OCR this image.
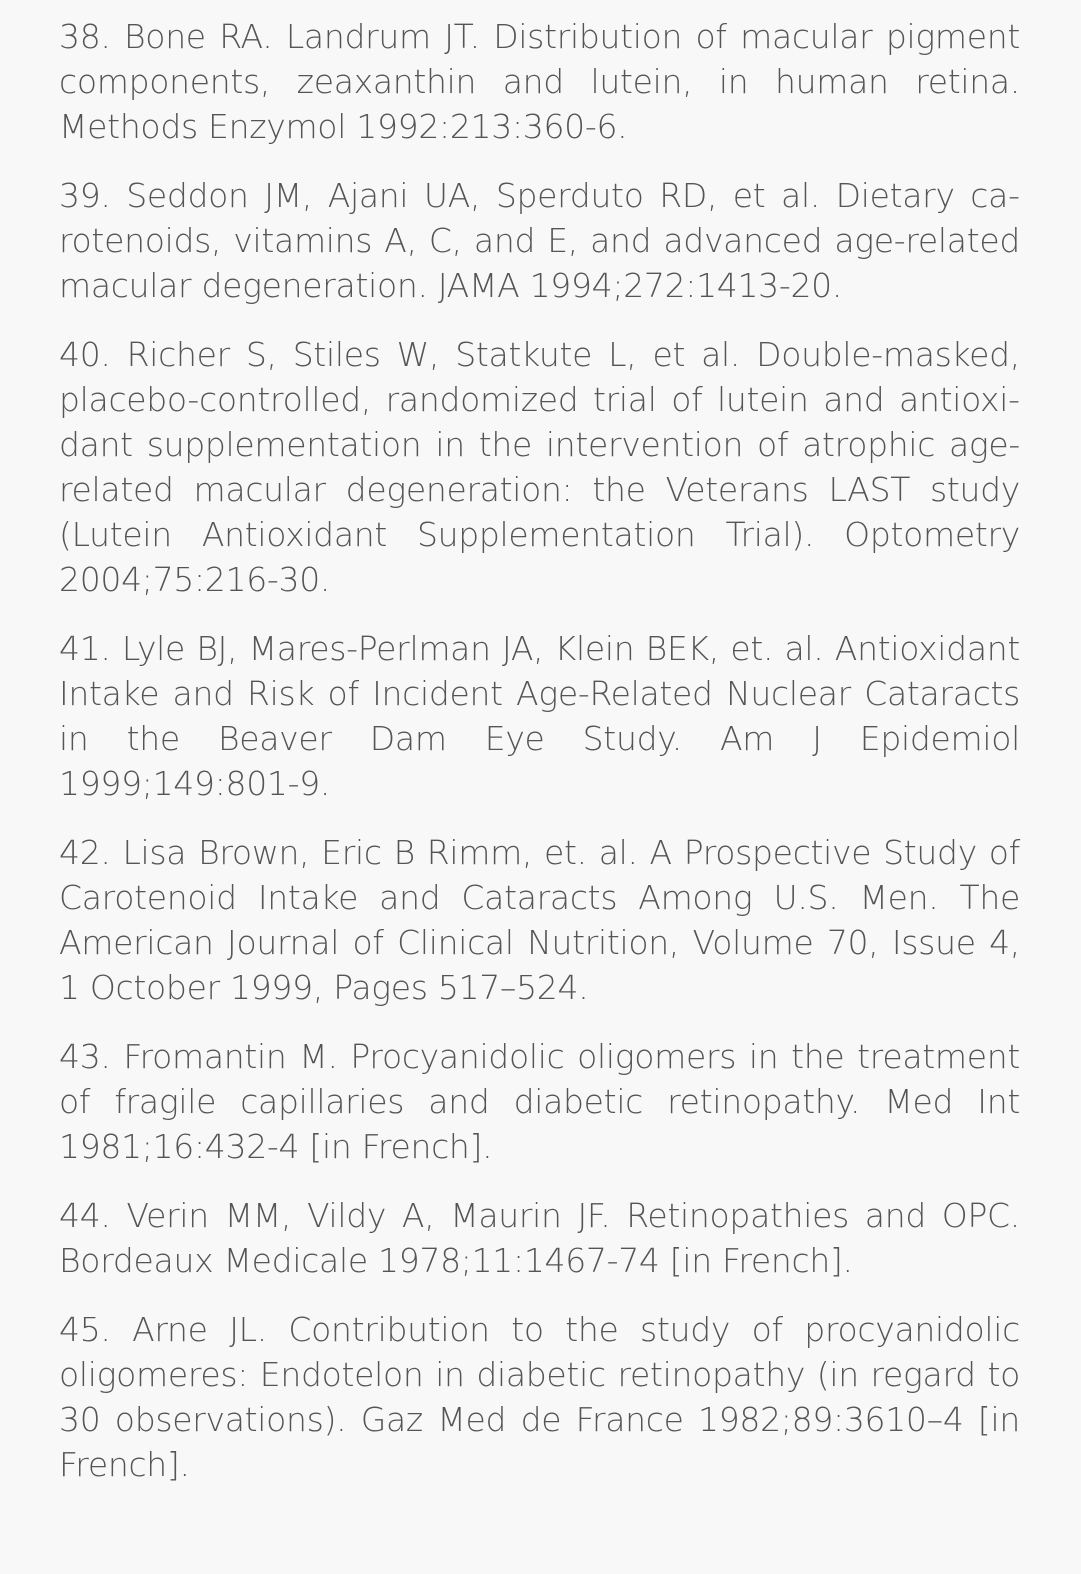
38. Bone RA. Landrum JT. Distribution of macular pigment components, zeaxanthin and lutein, in human retina. Methods Enzymol 1992:213:360-6.

39. Seddon JM, Ajani UA, Sperduto RD, et al. Dietary carotenoids, vitamins A, C, and E, and advanced age-related macular degeneration. JAMA 1994;272:1413-20.

40. Richer S, Stiles W, Statkute L, et al. Double-masked, placebo-controlled, randomized trial of lutein and antioxidant supplementation in the intervention of atrophic age-related macular degeneration: the Veterans LAST study (Lutein Antioxidant Supplementation Trial). Optometry 2004;75:216-30.

41. Lyle BJ, Mares-Perlman JA, Klein BEK, et. al. Antioxidant Intake and Risk of Incident Age-Related Nuclear Cataracts in the Beaver Dam Eye Study. Am J Epidemiol 1999;149:801-9.

42. Lisa Brown, Eric B Rimm, et. al. A Prospective Study of Carotenoid Intake and Cataracts Among U.S. Men. The American Journal of Clinical Nutrition, Volume 70, Issue 4, 1 October 1999, Pages 517–524.

43. Fromantin M. Procyanidolic oligomers in the treatment of fragile capillaries and diabetic retinopathy. Med Int 1981;16:432-4 [in French].

44. Verin MM, Vildy A, Maurin JF. Retinopathies and OPC. Bordeaux Medicale 1978;11:1467-74 [in French].

45. Arne JL. Contribution to the study of procyanidolic oligomeres: Endotelon in diabetic retinopathy (in regard to 30 observations). Gaz Med de France 1982;89:3610–4 [in French].
